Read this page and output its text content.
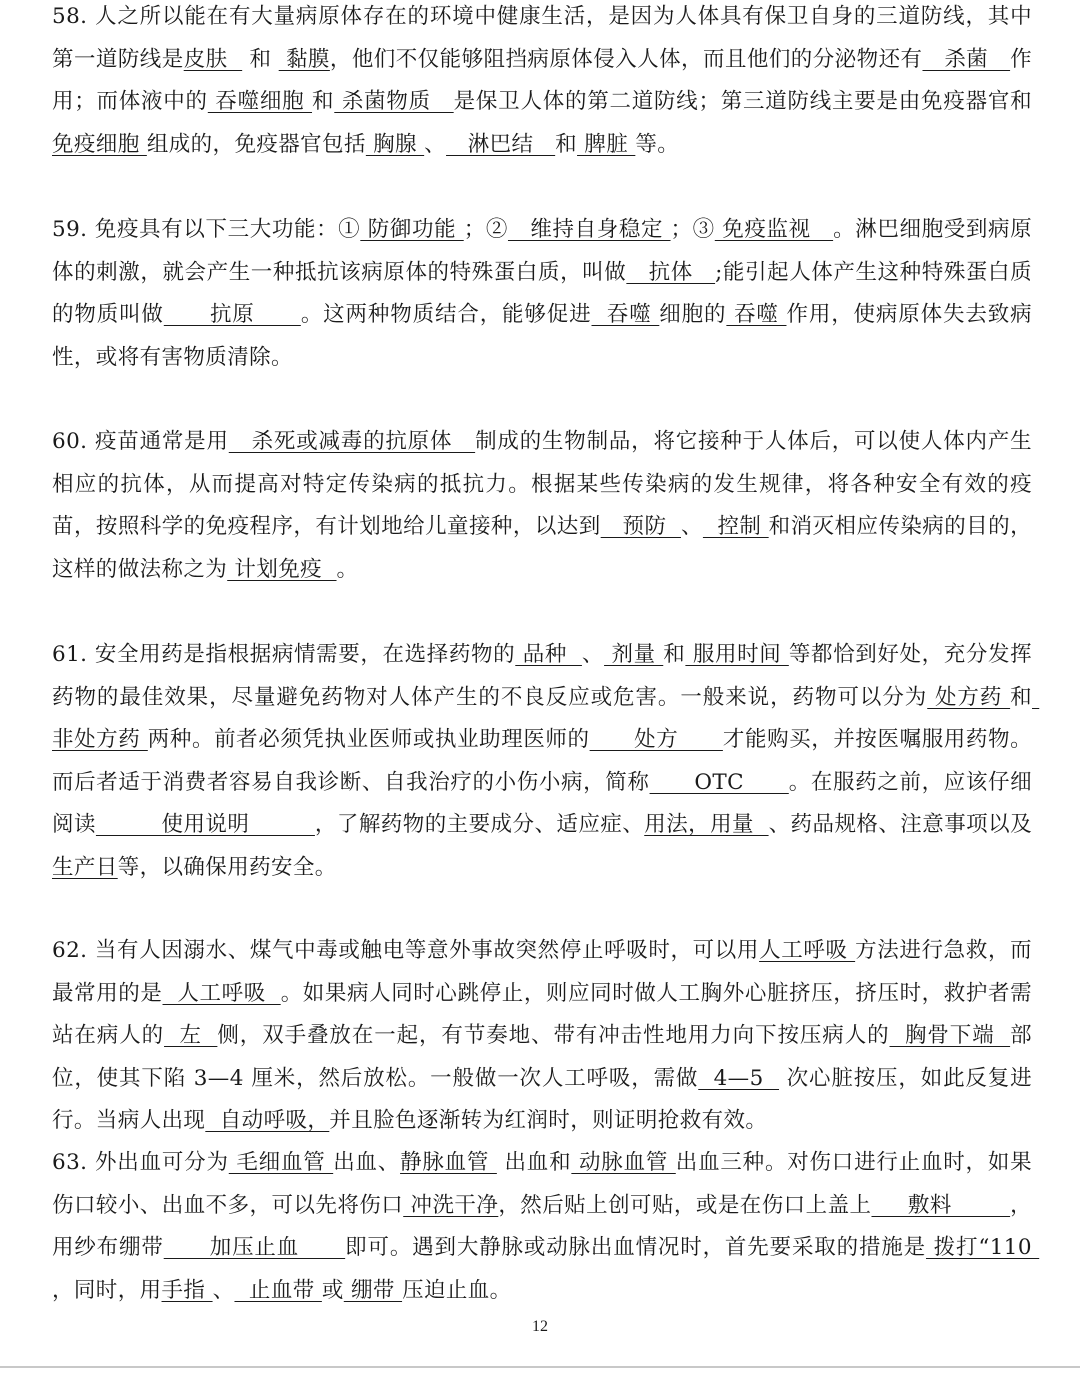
58. 人之所以能在有大量病原体存在的环境中健康生活，是因为人体具有保卫自身的三道防线，其中第一道防线是皮肤   和  黏膜，他们不仅能够阻挡病原体侵入人体，而且他们的分泌物还有   杀菌   作用；而体液中的 吞噬细胞 和 杀菌物质   是保卫人体的第二道防线；第三道防线主要是由免疫器官和免疫细胞 组成的，免疫器官包括 胸腺 、   淋巴结   和 脾脏 等。

59. 免疫具有以下三大功能：① 防御功能 ；②   维持自身稳定 ；③ 免疫监视   。淋巴细胞受到病原体的刺激，就会产生一种抵抗该病原体的特殊蛋白质，叫做   抗体   ;能引起人体产生这种特殊蛋白质的物质叫做      抗原      。这两种物质结合，能够促进  吞噬 细胞的 吞噬 作用，使病原体失去致病性，或将有害物质清除。

60. 疫苗通常是用   杀死或减毒的抗原体   制成的生物制品，将它接种于人体后，可以使人体内产生相应的抗体，从而提高对特定传染病的抵抗力。根据某些传染病的发生规律，将各种安全有效的疫苗，按照科学的免疫程序，有计划地给儿童接种，以达到   预防  、  控制 和消灭相应传染病的目的，这样的做法称之为 计划免疫  。

61. 安全用药是指根据病情需要，在选择药物的 品种  、 剂量 和 服用时间 等都恰到好处，充分发挥药物的最佳效果，尽量避免药物对人体产生的不良反应或危害。一般来说，药物可以分为 处方药 和 非处方药 两种。前者必须凭执业医师或执业助理医师的      处方      才能购买，并按医嘱服用药物。而后者适于消费者容易自我诊断、自我治疗的小伤小病，简称      OTC      。在服药之前，应该仔细阅读         使用说明         ，了解药物的主要成分、适应症、用法，用量  、药品规格、注意事项以及生产日等，以确保用药安全。

62. 当有人因溺水、煤气中毒或触电等意外事故突然停止呼吸时，可以用人工呼吸 方法进行急救，而最常用的是  人工呼吸  。如果病人同时心跳停止，则应同时做人工胸外心脏挤压，挤压时，救护者需站在病人的  左  侧，双手叠放在一起，有节奏地、带有冲击性地用力向下按压病人的  胸骨下端  部位，使其下陷 3—4 厘米，然后放松。一般做一次人工呼吸，需做  4—5   次心脏按压，如此反复进行。当病人出现  自动呼吸，并且脸色逐渐转为红润时，则证明抢救有效。

63. 外出血可分为 毛细血管 出血、静脉血管  出血和 动脉血管 出血三种。对伤口进行止血时，如果伤口较小、出血不多，可以先将伤口 冲洗干净，然后贴上创可贴，或是在伤口上盖上     敷料        ，用纱布绷带      加压止血      即可。遇到大静脉或动脉出血情况时，首先要采取的措施是 拨打“110 ，同时，用手指 、  止血带 或 绷带 压迫止血。

12
